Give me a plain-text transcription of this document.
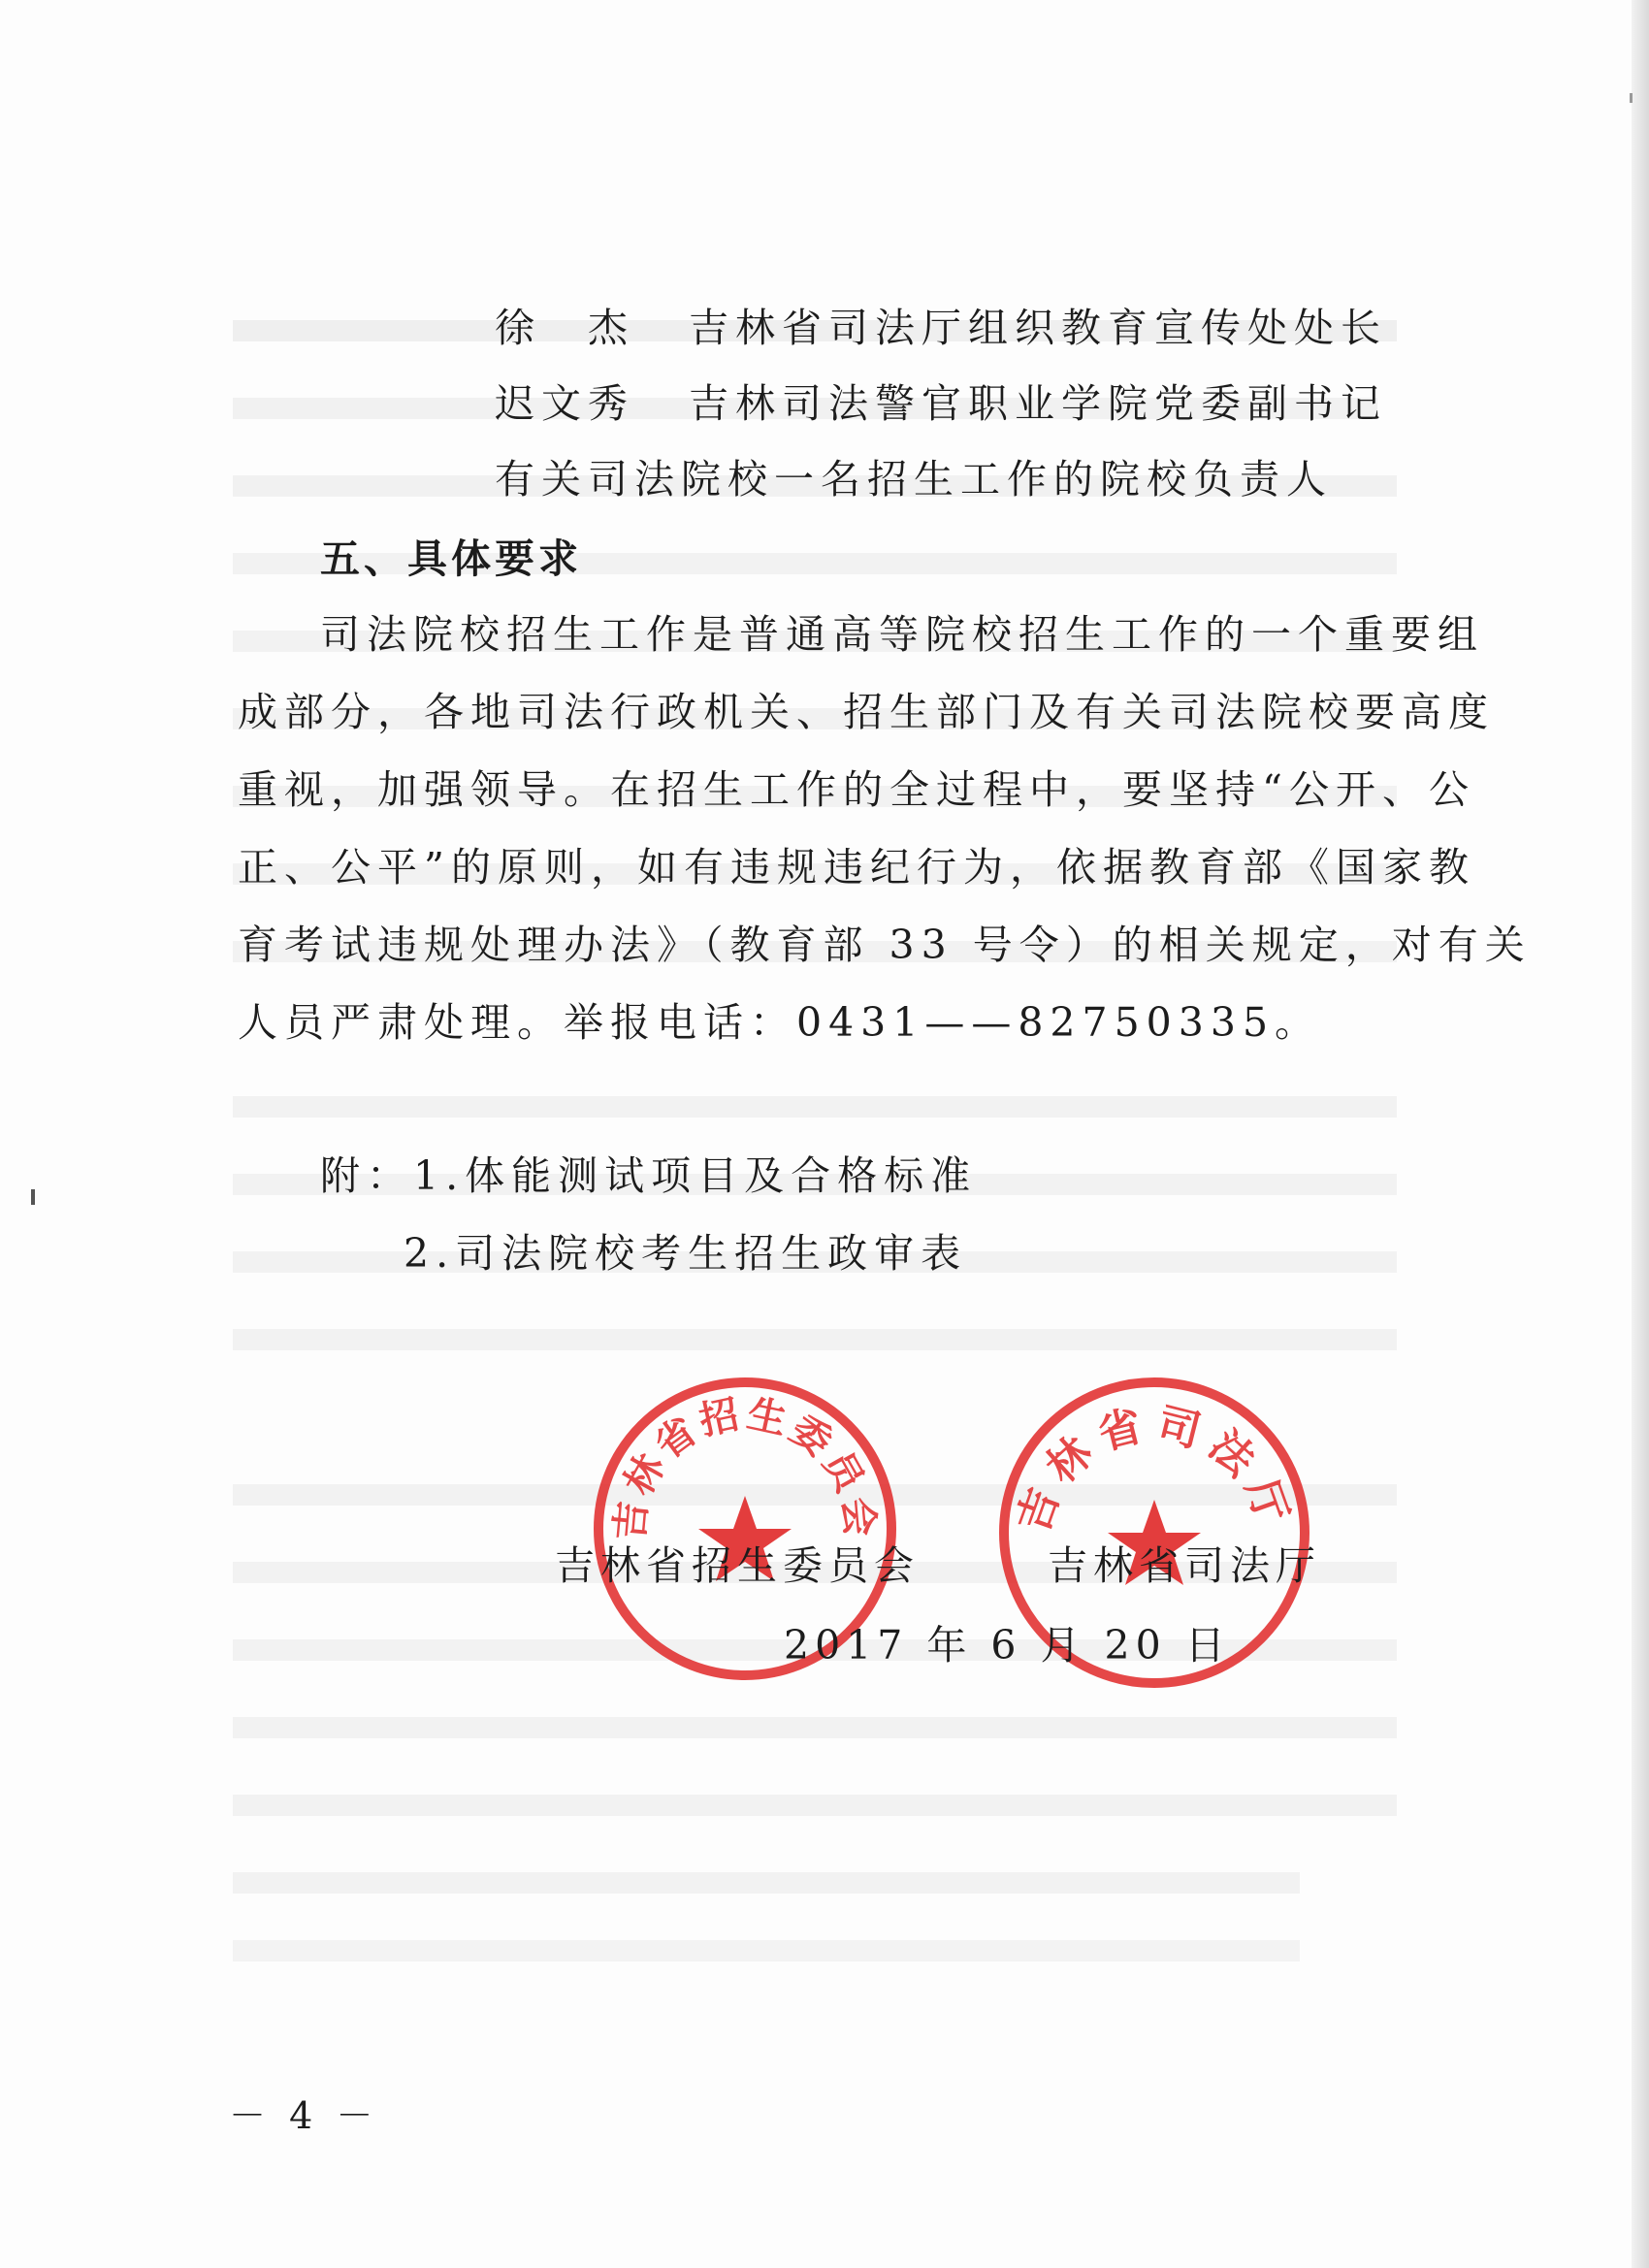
徐　杰 吉林省司法厅组织教育宣传处处长
迟文秀 吉林司法警官职业学院党委副书记
有关司法院校一名招生工作的院校负责人
五、具体要求
司法院校招生工作是普通高等院校招生工作的一个重要组
成部分，各地司法行政机关、招生部门及有关司法院校要高度
重视，加强领导。在招生工作的全过程中，要坚持“公开、公
正、公平”的原则，如有违规违纪行为，依据教育部《国家教
育考试违规处理办法》（教育部 33 号令）的相关规定，对有关
人员严肃处理。举报电话：0431——82750335。
附：1.体能测试项目及合格标准
2.司法院校考生招生政审表
吉林省招生委员会	吉林省司法厅
吉林省招生委员会	吉林省司法厅
2017 年 6 月 20 日
－ 4 －
